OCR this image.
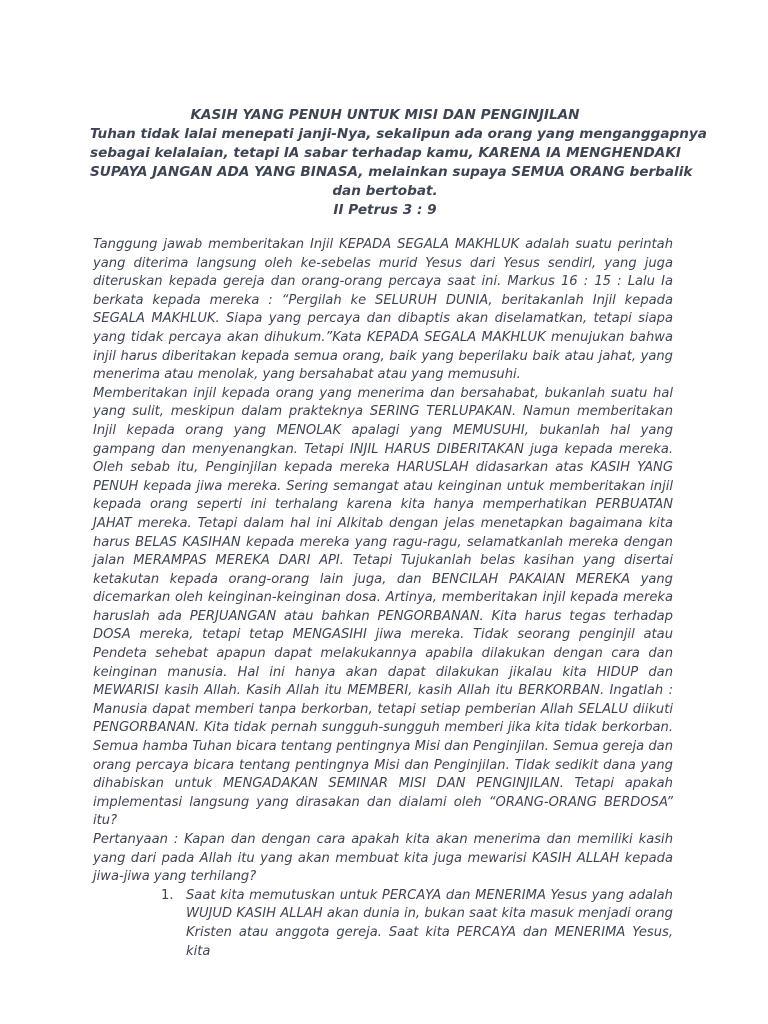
KASIH YANG PENUH UNTUK MISI DAN PENGINJILAN
Tuhan tidak lalai menepati janji-Nya, sekalipun ada orang yang menganggapnya
sebagai kelalaian, tetapi IA sabar terhadap kamu, KARENA IA MENGHENDAKI
SUPAYA JANGAN ADA YANG BINASA, melainkan supaya SEMUA ORANG berbalik
dan bertobat.
II Petrus 3 : 9

Tanggung jawab memberitakan Injil KEPADA SEGALA MAKHLUK adalah suatu perintah yang diterima langsung oleh ke-sebelas murid Yesus dari Yesus sendirl, yang juga diteruskan kepada gereja dan orang-orang percaya saat ini. Markus 16 : 15 : Lalu Ia berkata kepada mereka : “Pergilah ke SELURUH DUNIA, beritakanlah Injil kepada SEGALA MAKHLUK. Siapa yang percaya dan dibaptis akan diselamatkan, tetapi siapa yang tidak percaya akan dihukum.”Kata KEPADA SEGALA MAKHLUK menujukan bahwa injil harus diberitakan kepada semua orang, baik yang beperilaku baik atau jahat, yang menerima atau menolak, yang bersahabat atau yang memusuhi.

Memberitakan injil kepada orang yang menerima dan bersahabat, bukanlah suatu hal yang sulit, meskipun dalam prakteknya SERING TERLUPAKAN. Namun memberitakan Injil kepada orang yang MENOLAK apalagi yang MEMUSUHI, bukanlah hal yang gampang dan menyenangkan. Tetapi INJIL HARUS DIBERITAKAN juga kepada mereka. Oleh sebab itu, Penginjilan kepada mereka HARUSLAH didasarkan atas KASIH YANG PENUH kepada jiwa mereka. Sering semangat atau keinginan untuk memberitakan injil kepada orang seperti ini terhalang karena kita hanya memperhatikan PERBUATAN JAHAT mereka. Tetapi dalam hal ini Alkitab dengan jelas menetapkan bagaimana kita harus BELAS KASIHAN kepada mereka yang ragu-ragu, selamatkanlah mereka dengan jalan MERAMPAS MEREKA DARI API. Tetapi Tujukanlah belas kasihan yang disertai ketakutan kepada orang-orang lain juga, dan BENCILAH PAKAIAN MEREKA yang dicemarkan oleh keinginan-keinginan dosa. Artinya, memberitakan injil kepada mereka haruslah ada PERJUANGAN atau bahkan PENGORBANAN. Kita harus tegas terhadap DOSA mereka, tetapi tetap MENGASIHI jiwa mereka. Tidak seorang penginjil atau Pendeta sehebat apapun dapat melakukannya apabila dilakukan dengan cara dan keinginan manusia. Hal ini hanya akan dapat dilakukan jikalau kita HIDUP dan MEWARISI kasih Allah. Kasih Allah itu MEMBERI, kasih Allah itu BERKORBAN. Ingatlah : Manusia dapat memberi tanpa berkorban, tetapi setiap pemberian Allah SELALU diikuti PENGORBANAN. Kita tidak pernah sungguh-sungguh memberi jika kita tidak berkorban. Semua hamba Tuhan bicara tentang pentingnya Misi dan Penginjilan. Semua gereja dan orang percaya bicara tentang pentingnya Misi dan Penginjilan. Tidak sedikit dana yang dihabiskan untuk MENGADAKAN SEMINAR MISI DAN PENGINJILAN. Tetapi apakah implementasi langsung yang dirasakan dan dialami oleh “ORANG-ORANG BERDOSA” itu?

Pertanyaan : Kapan dan dengan cara apakah kita akan menerima dan memiliki kasih yang dari pada Allah itu yang akan membuat kita juga mewarisi KASIH ALLAH kepada jiwa-jiwa yang terhilang?

1. Saat kita memutuskan untuk PERCAYA dan MENERIMA Yesus yang adalah WUJUD KASIH ALLAH akan dunia in, bukan saat kita masuk menjadi orang Kristen atau anggota gereja. Saat kita PERCAYA dan MENERIMA Yesus, kita
